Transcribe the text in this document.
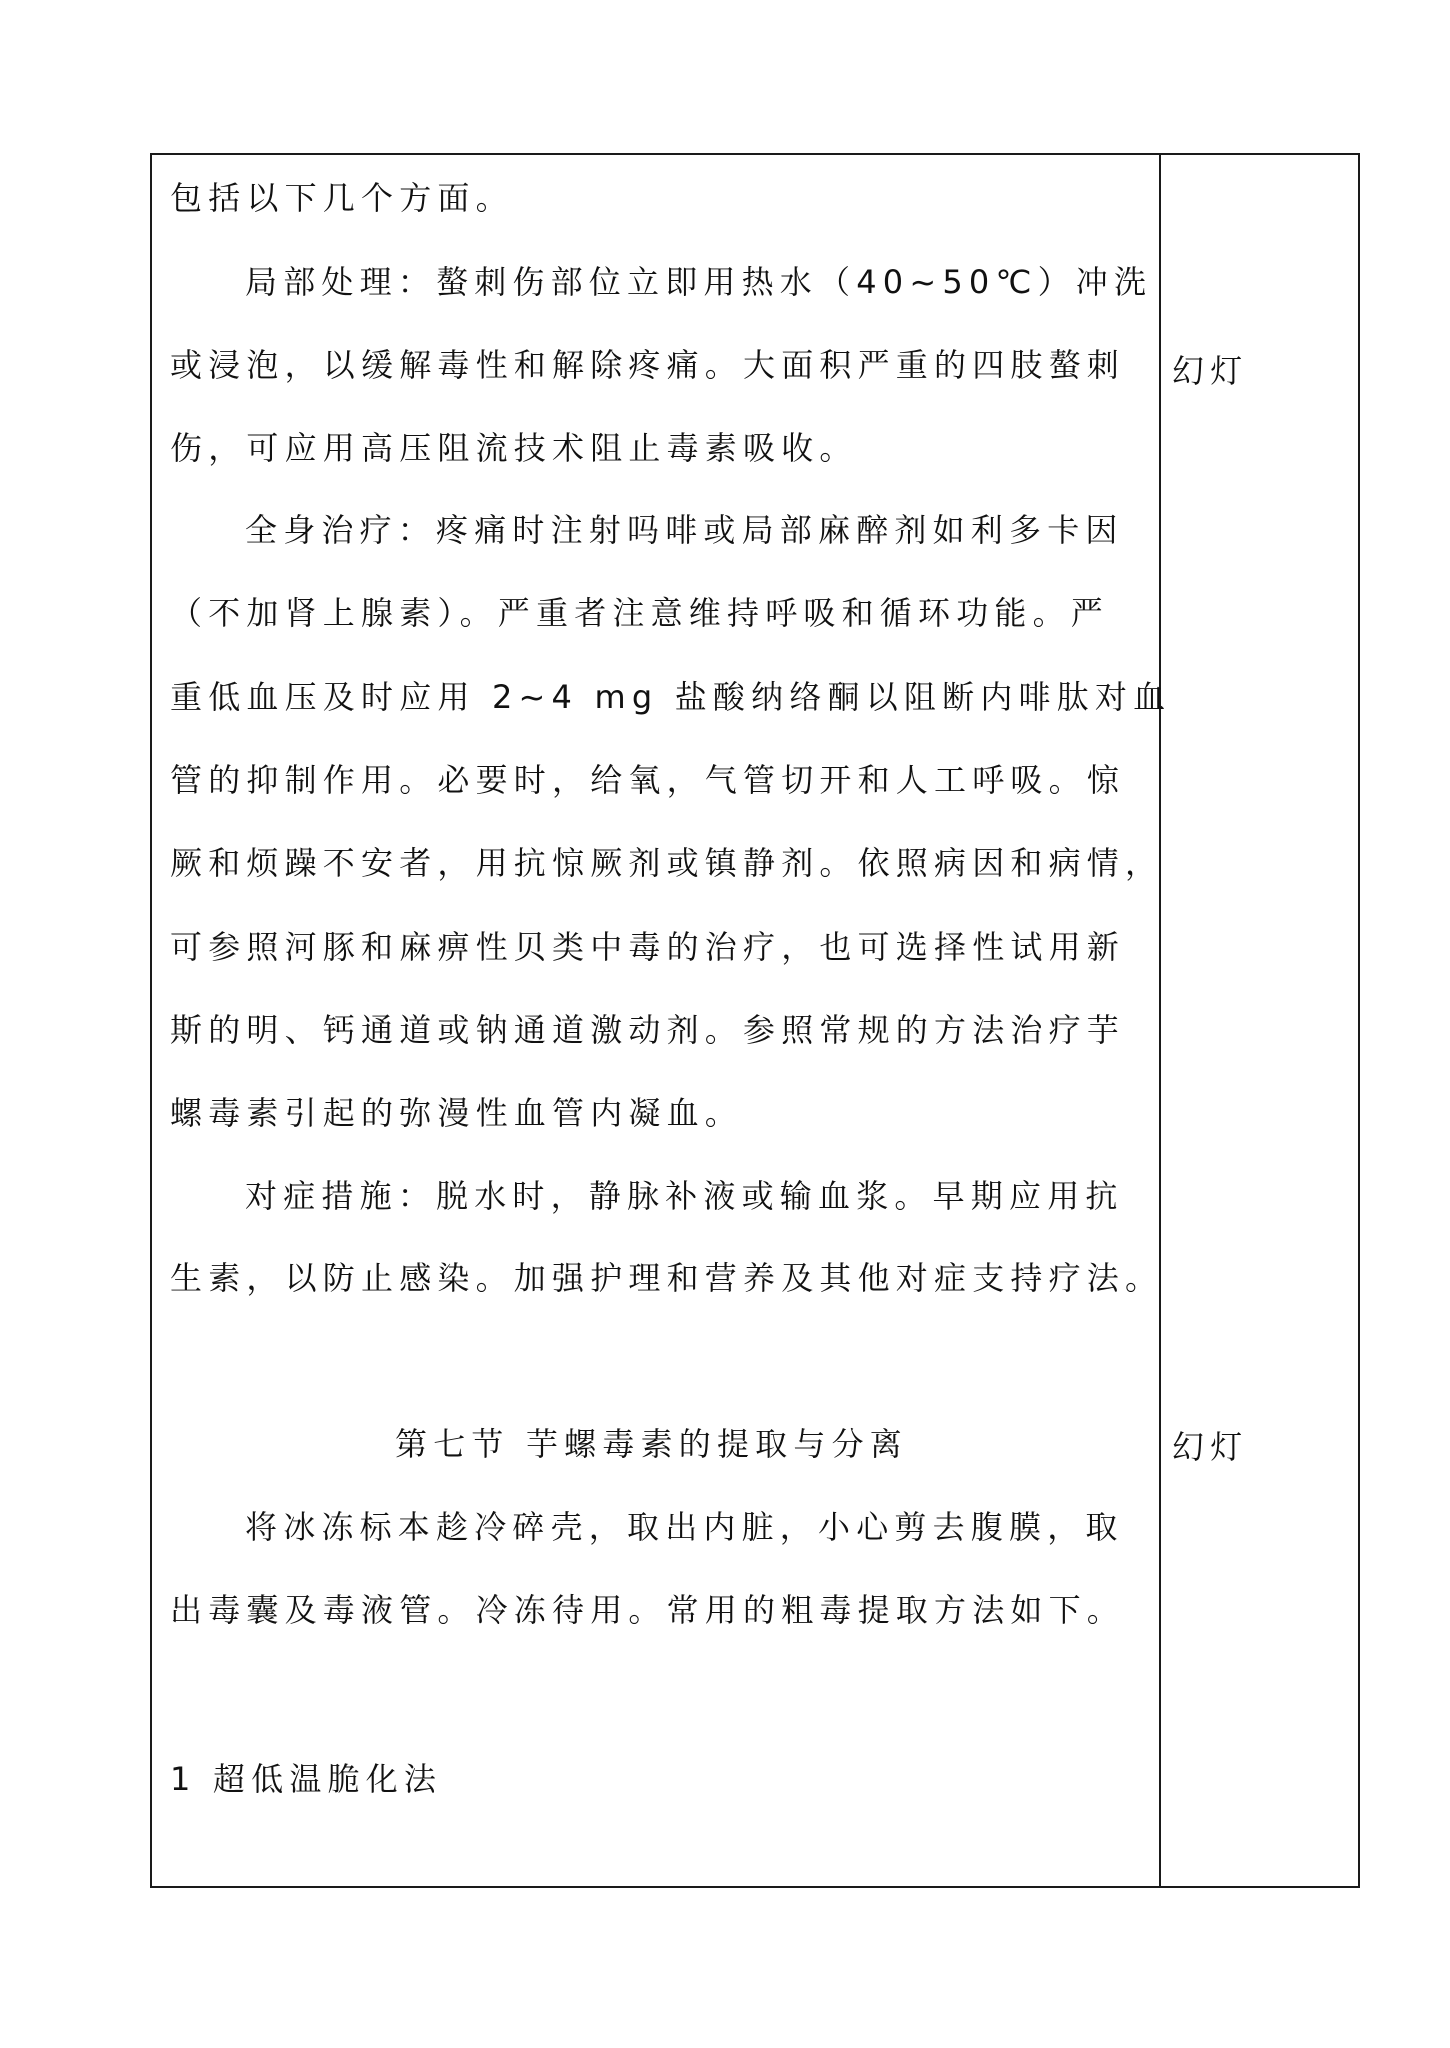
包括以下几个方面。
局部处理：螯刺伤部位立即用热水（40~50℃）冲洗
或浸泡，以缓解毒性和解除疼痛。大面积严重的四肢螯刺
伤，可应用高压阻流技术阻止毒素吸收。
全身治疗：疼痛时注射吗啡或局部麻醉剂如利多卡因
（不加肾上腺素）。严重者注意维持呼吸和循环功能。严
重低血压及时应用 2~4 mg 盐酸纳络酮以阻断内啡肽对血
管的抑制作用。必要时，给氧，气管切开和人工呼吸。惊
厥和烦躁不安者，用抗惊厥剂或镇静剂。依照病因和病情，
可参照河豚和麻痹性贝类中毒的治疗，也可选择性试用新
斯的明、钙通道或钠通道激动剂。参照常规的方法治疗芋
螺毒素引起的弥漫性血管内凝血。
对症措施：脱水时，静脉补液或输血浆。早期应用抗
生素，以防止感染。加强护理和营养及其他对症支持疗法。
第七节 芋螺毒素的提取与分离
将冰冻标本趁冷碎壳，取出内脏，小心剪去腹膜，取
出毒囊及毒液管。冷冻待用。常用的粗毒提取方法如下。
1 超低温脆化法
幻灯
幻灯
